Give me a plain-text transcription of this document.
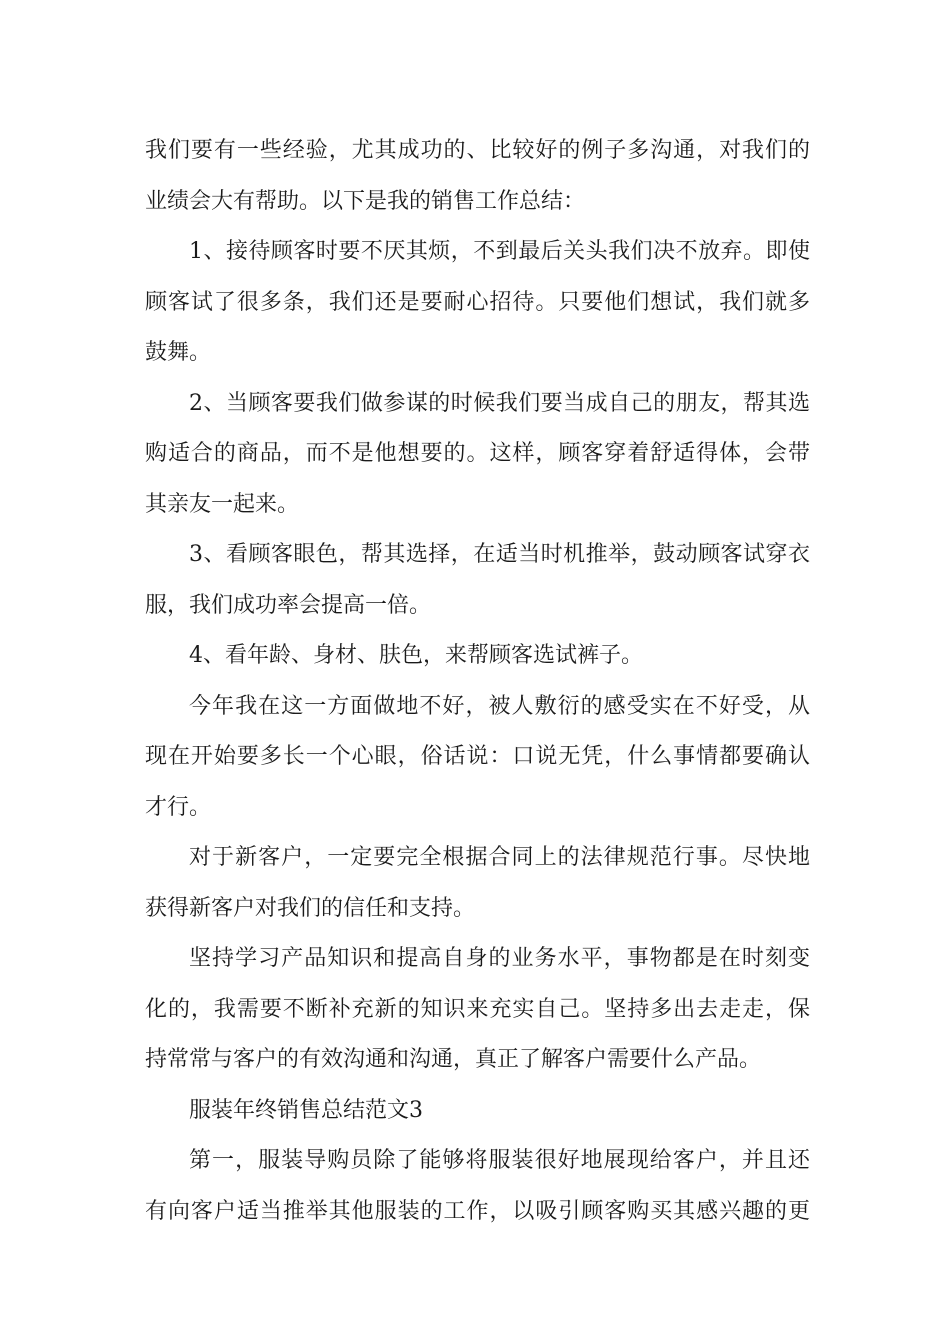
我们要有一些经验，尤其成功的、比较好的例子多沟通，对我们的
业绩会大有帮助。以下是我的销售工作总结：
1、接待顾客时要不厌其烦，不到最后关头我们决不放弃。即使
顾客试了很多条，我们还是要耐心招待。只要他们想试，我们就多
鼓舞。
2、当顾客要我们做参谋的时候我们要当成自己的朋友，帮其选
购适合的商品，而不是他想要的。这样，顾客穿着舒适得体，会带
其亲友一起来。
3、看顾客眼色，帮其选择，在适当时机推举，鼓动顾客试穿衣
服，我们成功率会提高一倍。
4、看年龄、身材、肤色，来帮顾客选试裤子。
今年我在这一方面做地不好，被人敷衍的感受实在不好受，从
现在开始要多长一个心眼，俗话说：口说无凭，什么事情都要确认
才行。
对于新客户，一定要完全根据合同上的法律规范行事。尽快地
获得新客户对我们的信任和支持。
坚持学习产品知识和提高自身的业务水平，事物都是在时刻变
化的，我需要不断补充新的知识来充实自己。坚持多出去走走，保
持常常与客户的有效沟通和沟通，真正了解客户需要什么产品。
服装年终销售总结范文3
第一，服装导购员除了能够将服装很好地展现给客户，并且还
有向客户适当推举其他服装的工作，以吸引顾客购买其感兴趣的更
